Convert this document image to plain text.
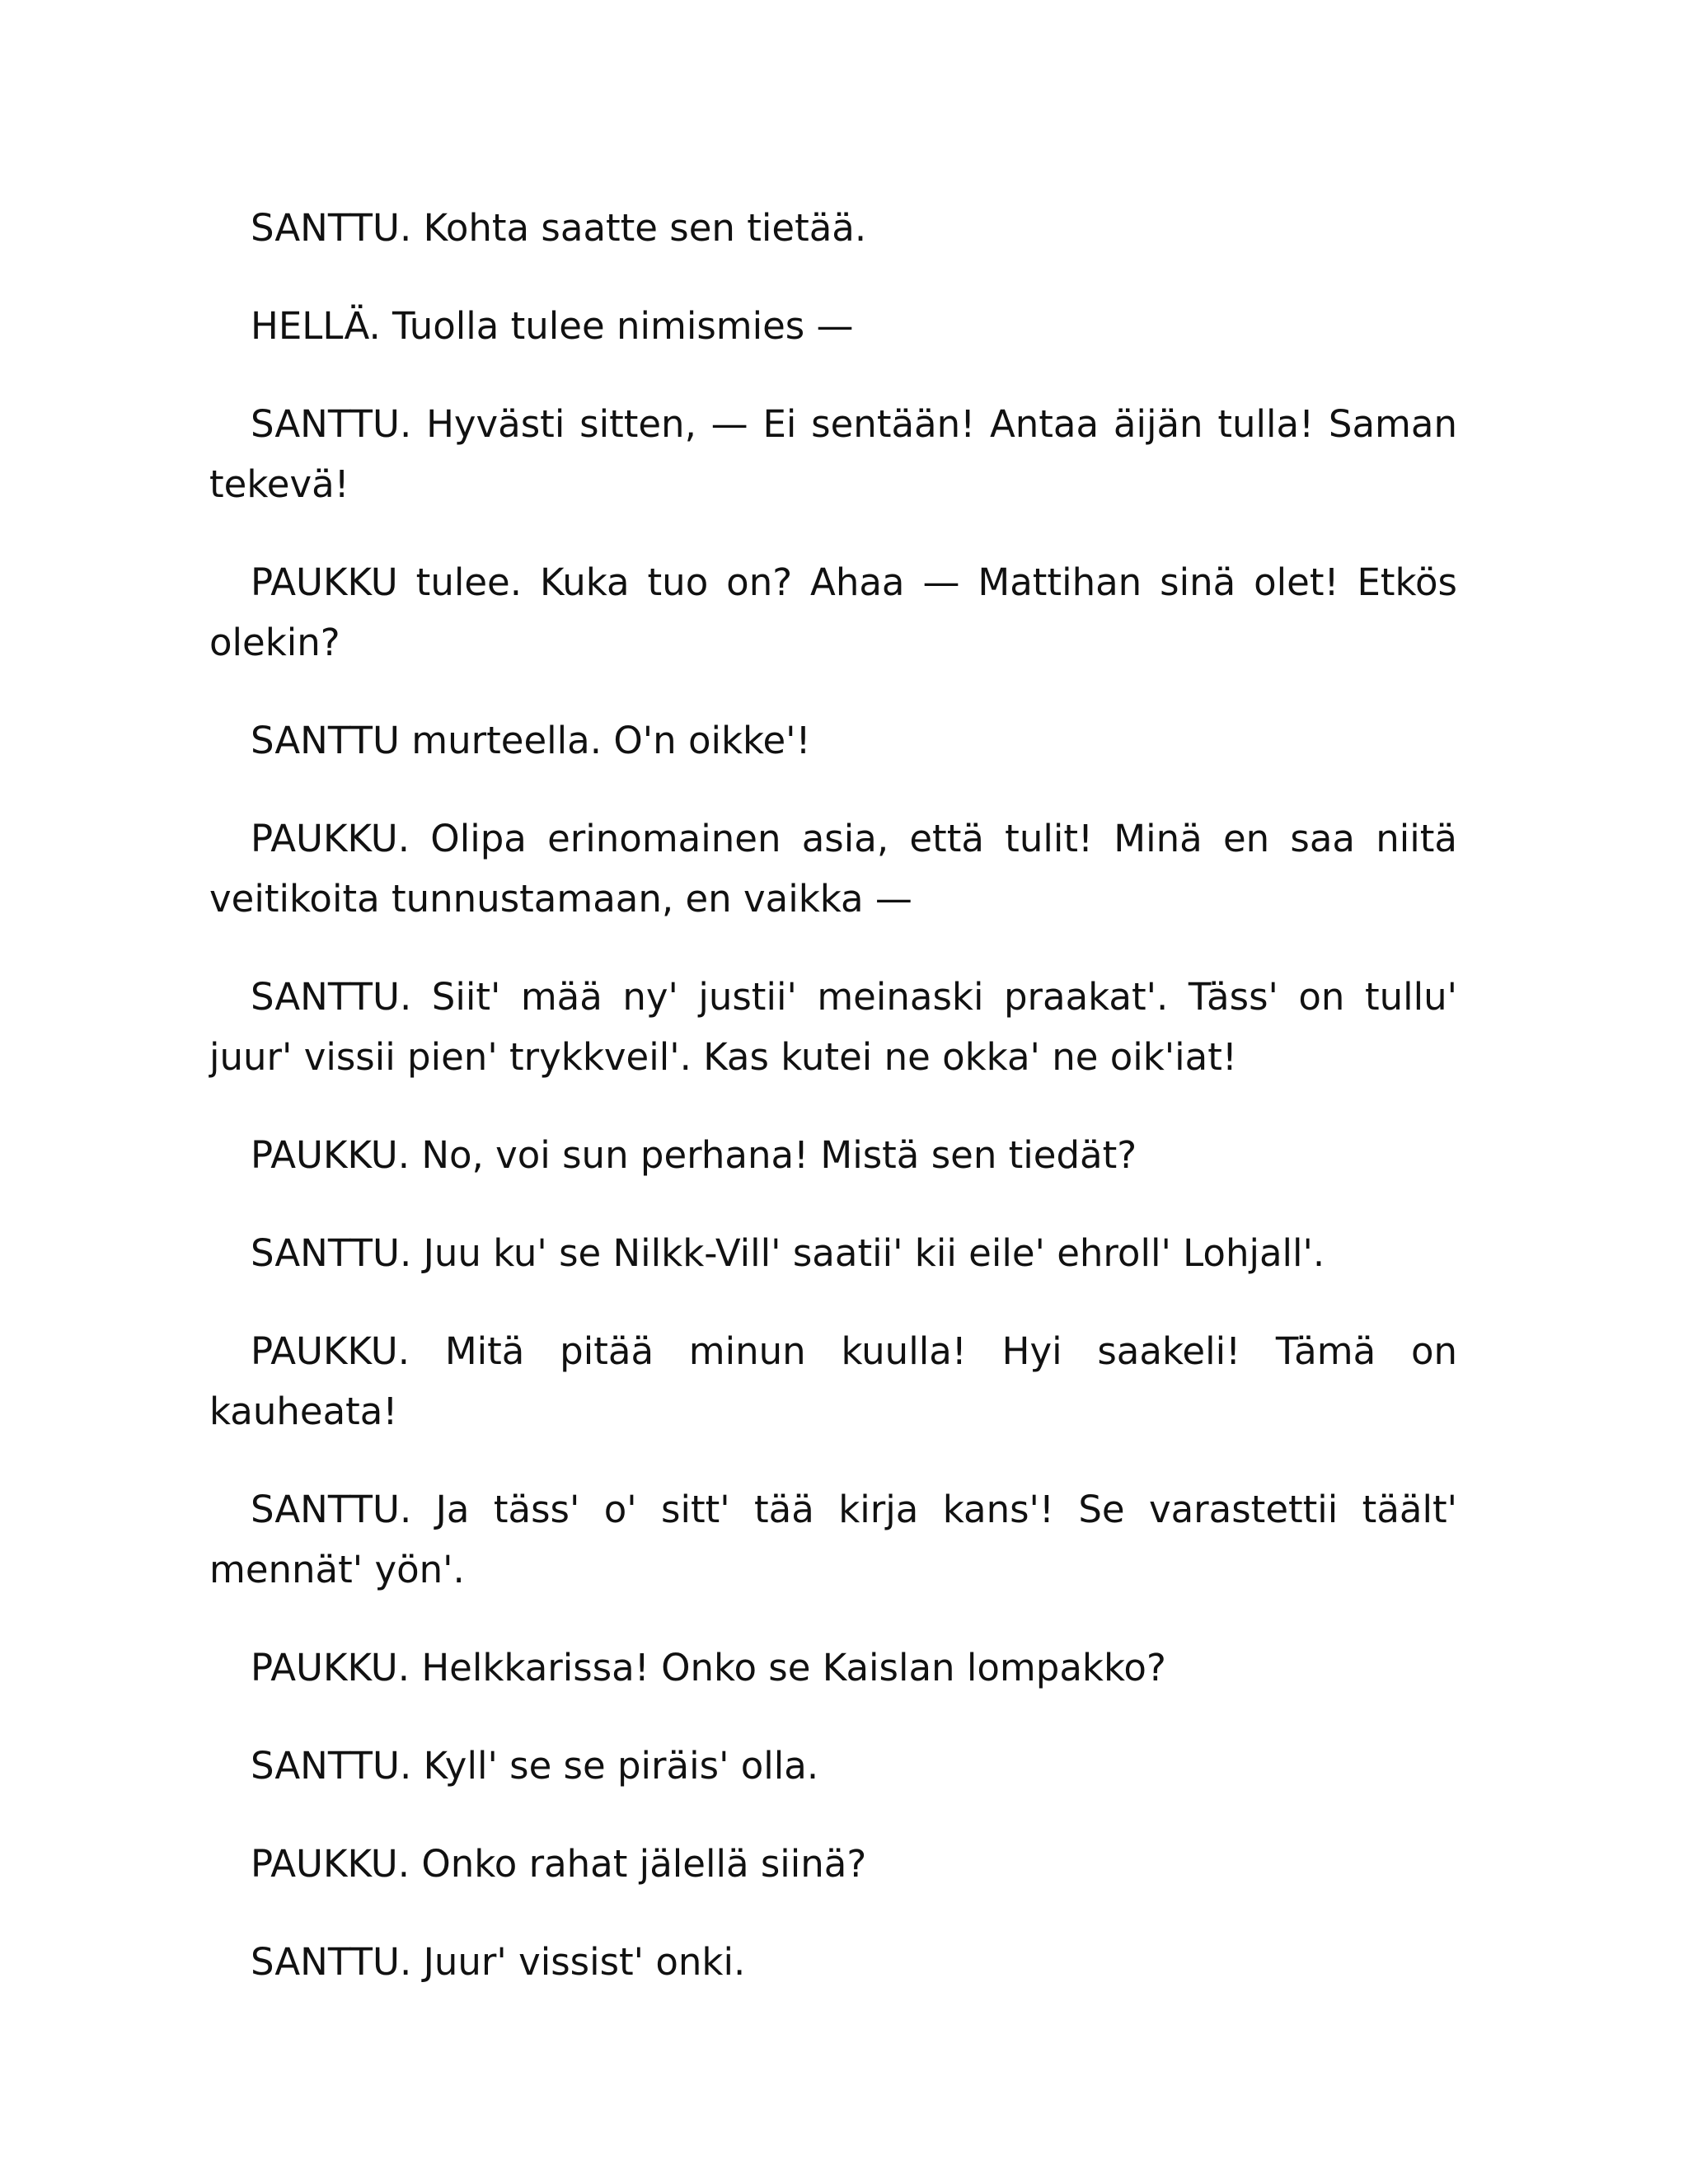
SANTTU. Kohta saatte sen tietää.

HELLÄ. Tuolla tulee nimismies —

SANTTU. Hyvästi sitten, — Ei sentään! Antaa äijän tulla! Saman tekevä!

PAUKKU tulee. Kuka tuo on? Ahaa — Mattihan sinä olet! Etkös olekin?

SANTTU murteella. O'n oikke'!

PAUKKU. Olipa erinomainen asia, että tulit! Minä en saa niitä veitikoita tunnustamaan, en vaikka —

SANTTU. Siit' mää ny' justii' meinaski praakat'. Täss' on tullu' juur' vissii pien' trykkveil'. Kas kutei ne okka' ne oik'iat!

PAUKKU. No, voi sun perhana! Mistä sen tiedät?

SANTTU. Juu ku' se Nilkk-Vill' saatii' kii eile' ehroll' Lohjall'.

PAUKKU. Mitä pitää minun kuulla! Hyi saakeli! Tämä on kauheata!

SANTTU. Ja täss' o' sitt' tää kirja kans'! Se varastettii täält' mennät' yön'.

PAUKKU. Helkkarissa! Onko se Kaislan lompakko?

SANTTU. Kyll' se se piräis' olla.

PAUKKU. Onko rahat jälellä siinä?

SANTTU. Juur' vissist' onki.
